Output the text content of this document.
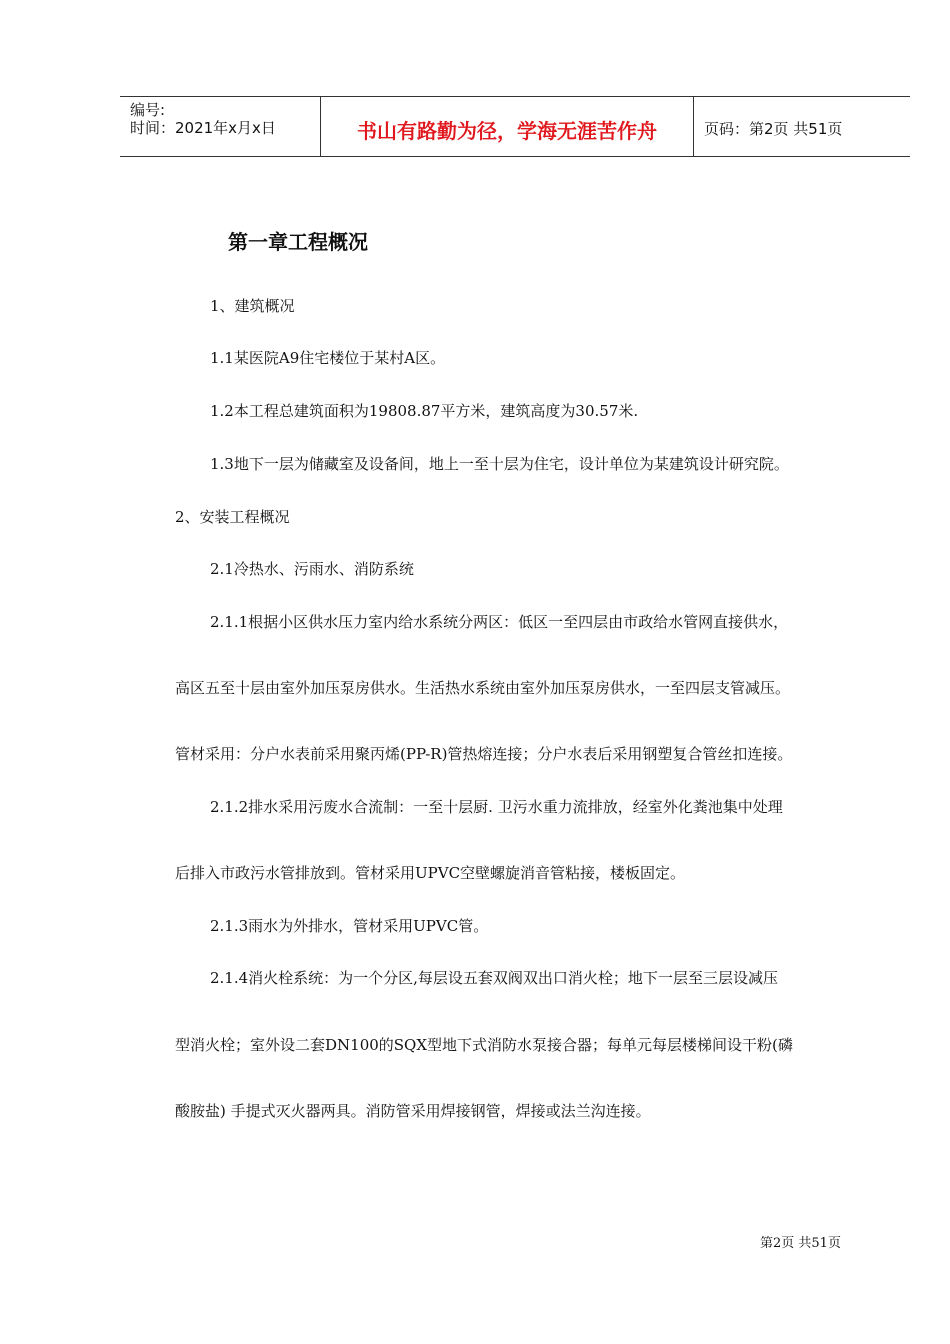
编号:
时间：2021年x月x日	书山有路勤为径，学海无涯苦作舟	页码：第2页 共51页
第一章工程概况
1、建筑概况
1.1某医院A9住宅楼位于某村A区。
1.2本工程总建筑面积为19808.87平方米，建筑高度为30.57米.
1.3地下一层为储藏室及设备间，地上一至十层为住宅，设计单位为某建筑设计研究院。
2、安装工程概况
2.1冷热水、污雨水、消防系统
2.1.1根据小区供水压力室内给水系统分两区：低区一至四层由市政给水管网直接供水，
高区五至十层由室外加压泵房供水。生活热水系统由室外加压泵房供水，一至四层支管减压。
管材采用：分户水表前采用聚丙烯(PP-R)管热熔连接；分户水表后采用钢塑复合管丝扣连接。
2.1.2排水采用污废水合流制：一至十层厨. 卫污水重力流排放，经室外化粪池集中处理
后排入市政污水管排放到。管材采用UPVC空壁螺旋消音管粘接，楼板固定。
2.1.3雨水为外排水，管材采用UPVC管。
2.1.4消火栓系统：为一个分区,每层设五套双阀双出口消火栓；地下一层至三层设减压
型消火栓；室外设二套DN100的SQX型地下式消防水泵接合器；每单元每层楼梯间设干粉(磷
酸胺盐) 手提式灭火器两具。消防管采用焊接钢管，焊接或法兰沟连接。
第2页 共51页
